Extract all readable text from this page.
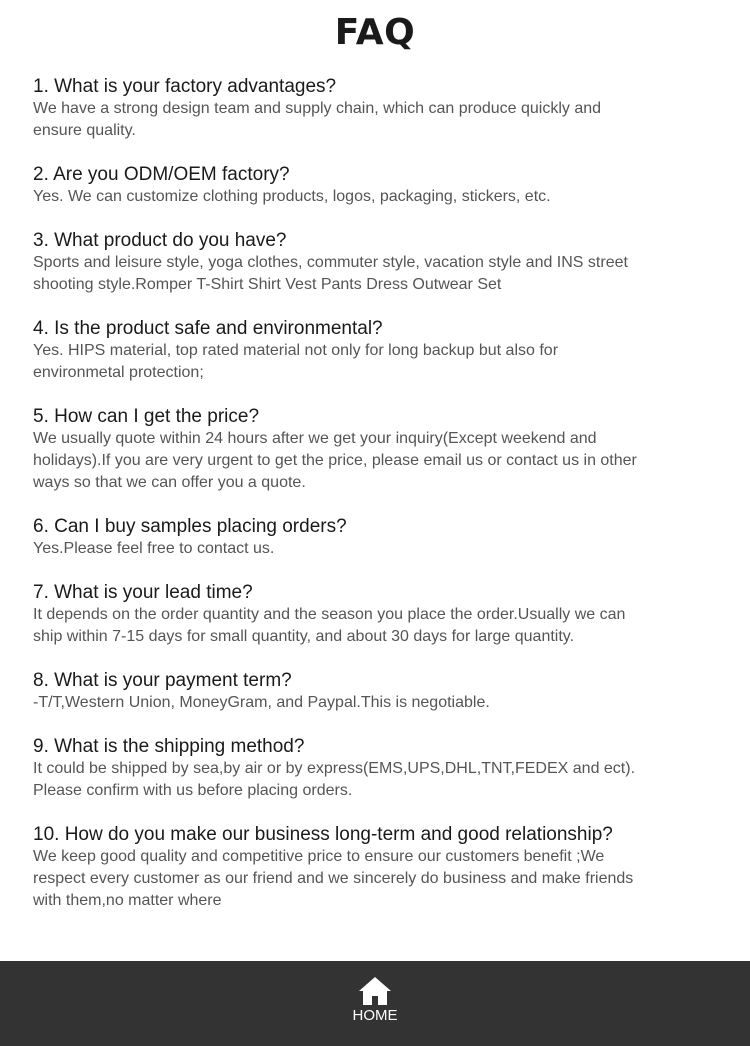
FAQ
1. What is your factory advantages?
We have a strong design team and supply chain, which can produce quickly and
ensure quality.
2. Are you ODM/OEM factory?
Yes. We can customize clothing products, logos, packaging, stickers, etc.
3. What product do you have?
Sports and leisure style, yoga clothes, commuter style, vacation style and INS street
shooting style.Romper T-Shirt Shirt Vest Pants Dress Outwear Set
4. Is the product safe and environmental?
Yes. HIPS material, top rated material not only for long backup but also for
environmetal protection;
5. How can I get the price?
We usually quote within 24 hours after we get your inquiry(Except weekend and
holidays).If you are very urgent to get the price, please email us or contact us in other
ways so that we can offer you a quote.
6. Can I buy samples placing orders?
Yes.Please feel free to contact us.
7. What is your lead time?
It depends on the order quantity and the season you place the order.Usually we can
ship within 7-15 days for small quantity, and about 30 days for large quantity.
8. What is your payment term?
-T/T,Western Union, MoneyGram, and Paypal.This is negotiable.
9. What is the shipping method?
It could be shipped by sea,by air or by express(EMS,UPS,DHL,TNT,FEDEX and ect).
Please confirm with us before placing orders.
10. How do you make our business long-term and good relationship?
We keep good quality and competitive price to ensure our customers benefit ;We
respect every customer as our friend and we sincerely do business and make friends
with them,no matter where
HOME
